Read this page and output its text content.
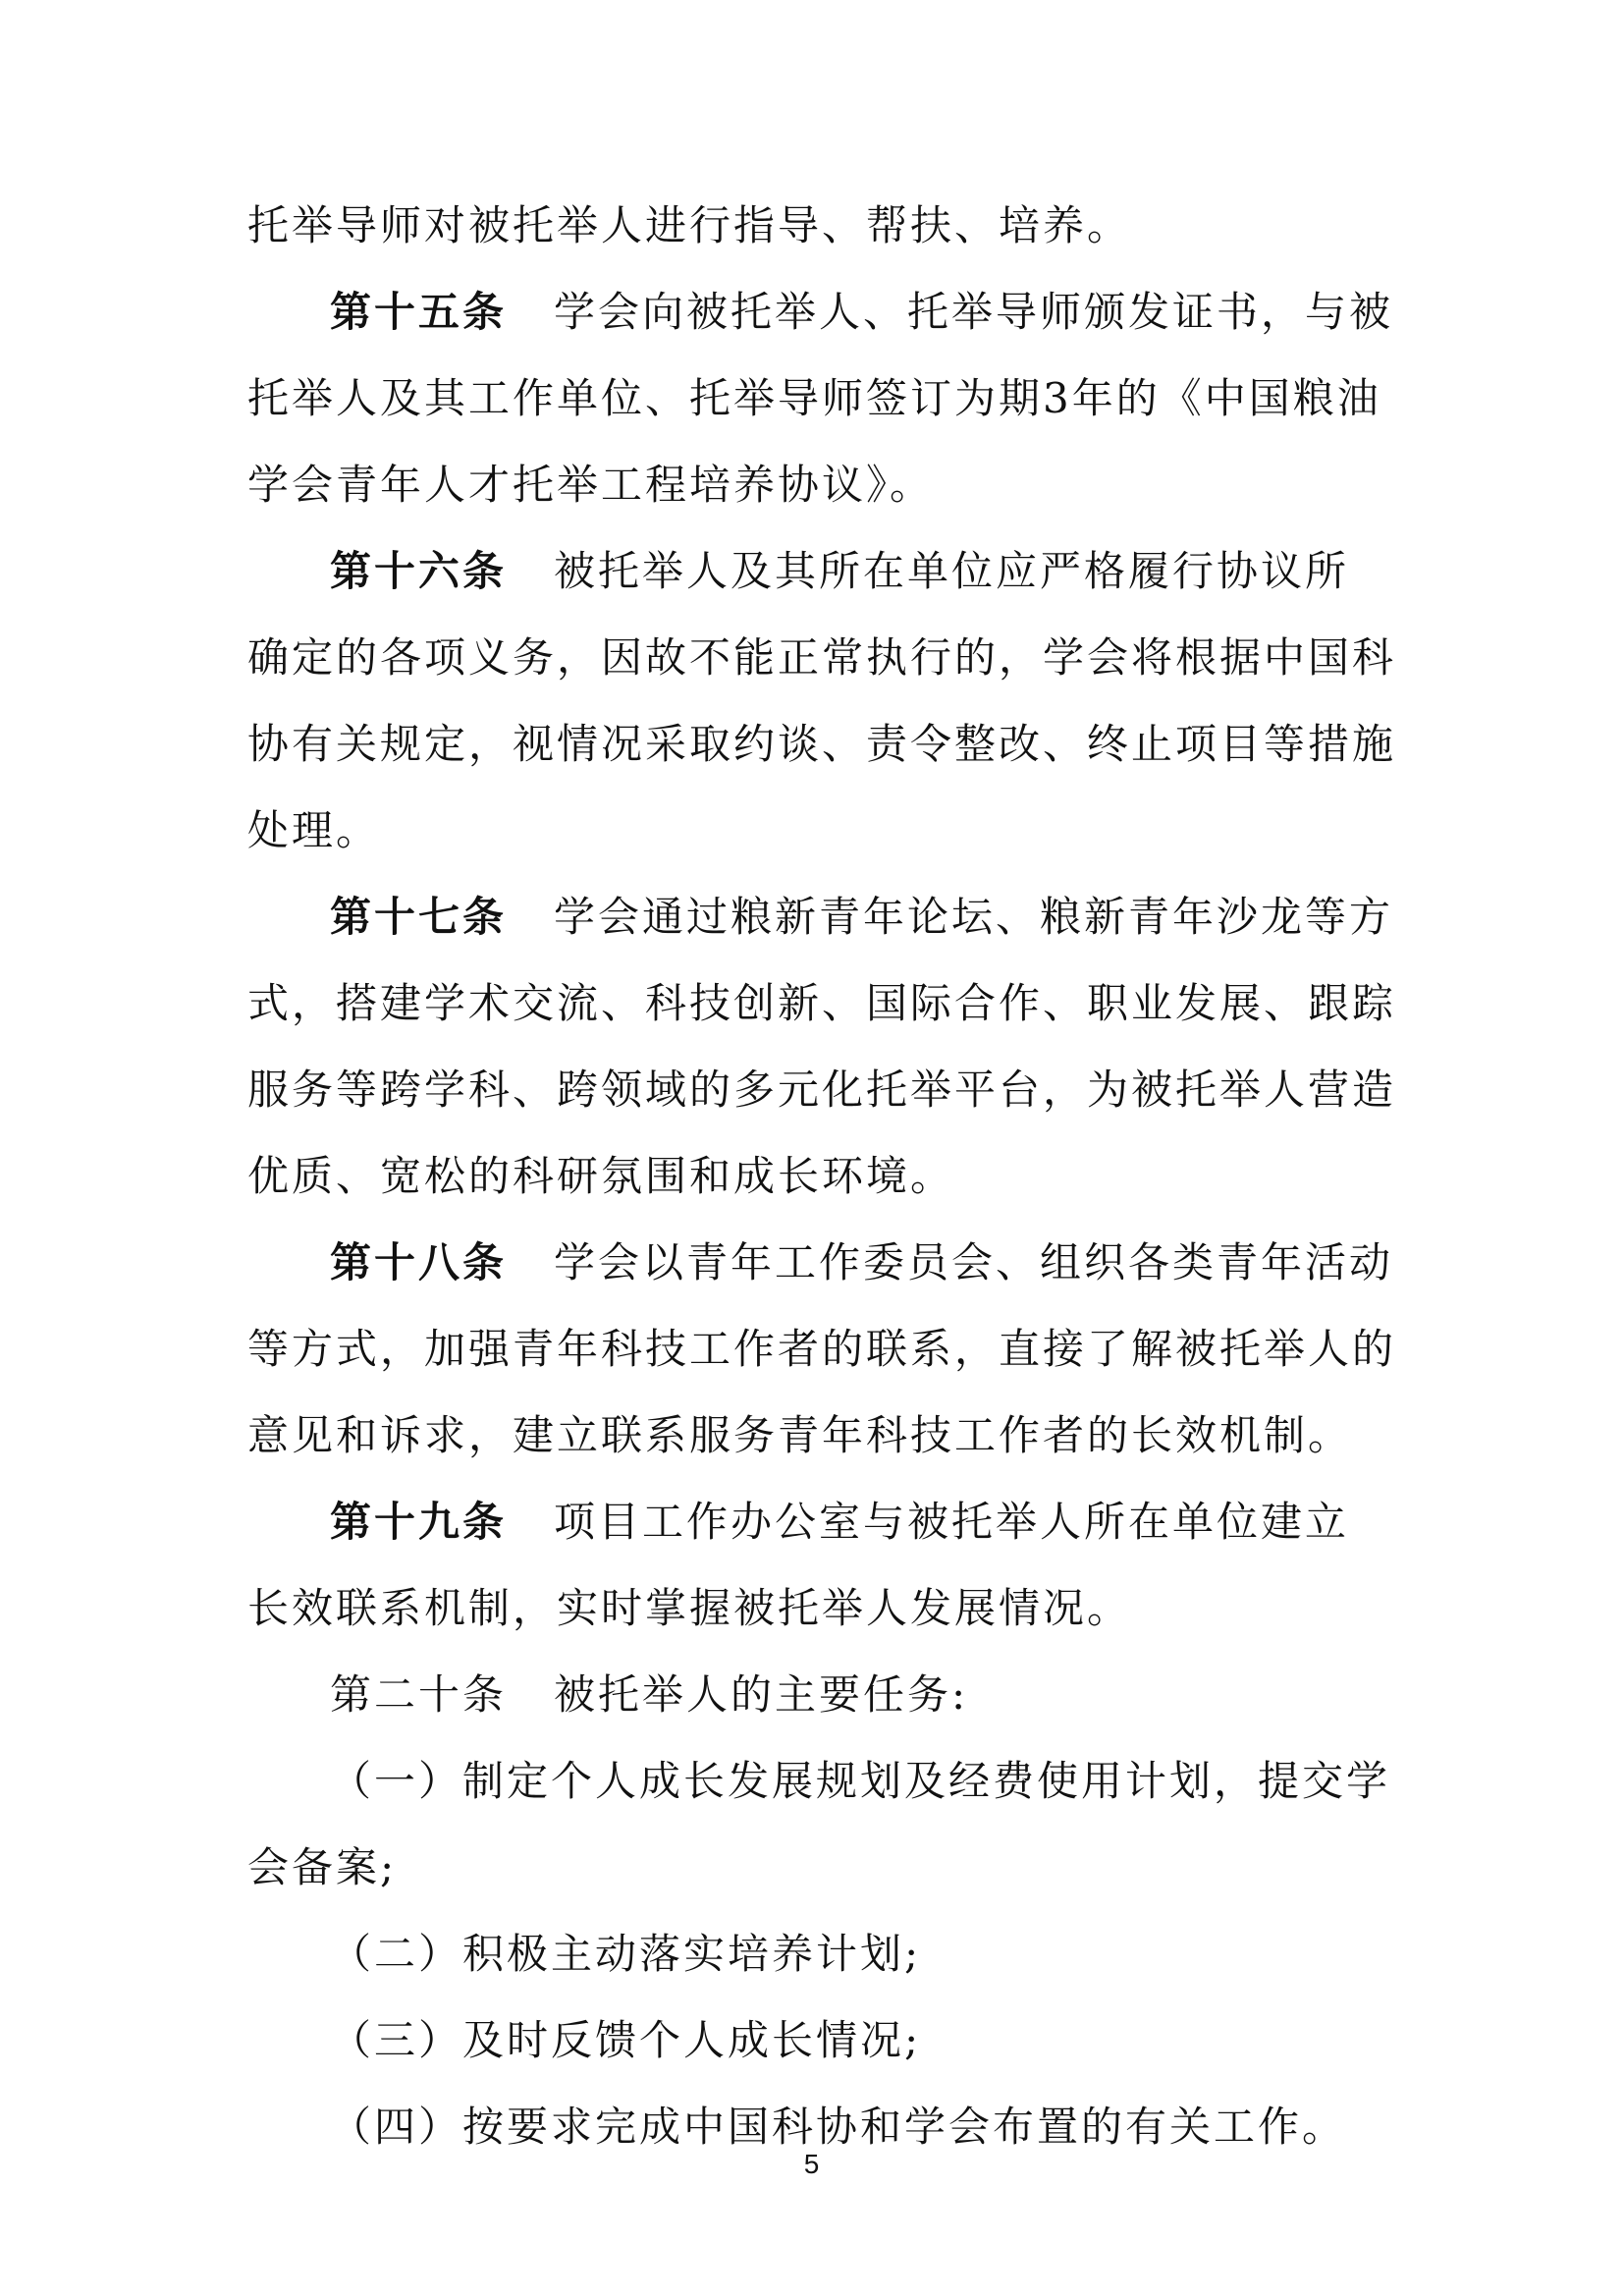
托举导师对被托举人进行指导、帮扶、培养。
第十五条 学会向被托举人、托举导师颁发证书，与被
托举人及其工作单位、托举导师签订为期3年的《中国粮油
学会青年人才托举工程培养协议》。
第十六条 被托举人及其所在单位应严格履行协议所
确定的各项义务，因故不能正常执行的，学会将根据中国科
协有关规定，视情况采取约谈、责令整改、终止项目等措施
处理。
第十七条 学会通过粮新青年论坛、粮新青年沙龙等方
式，搭建学术交流、科技创新、国际合作、职业发展、跟踪
服务等跨学科、跨领域的多元化托举平台，为被托举人营造
优质、宽松的科研氛围和成长环境。
第十八条 学会以青年工作委员会、组织各类青年活动
等方式，加强青年科技工作者的联系，直接了解被托举人的
意见和诉求，建立联系服务青年科技工作者的长效机制。
第十九条 项目工作办公室与被托举人所在单位建立
长效联系机制，实时掌握被托举人发展情况。
第二十条 被托举人的主要任务:
（一）制定个人成长发展规划及经费使用计划，提交学
会备案;
（二）积极主动落实培养计划;
（三）及时反馈个人成长情况;
（四）按要求完成中国科协和学会布置的有关工作。
5
